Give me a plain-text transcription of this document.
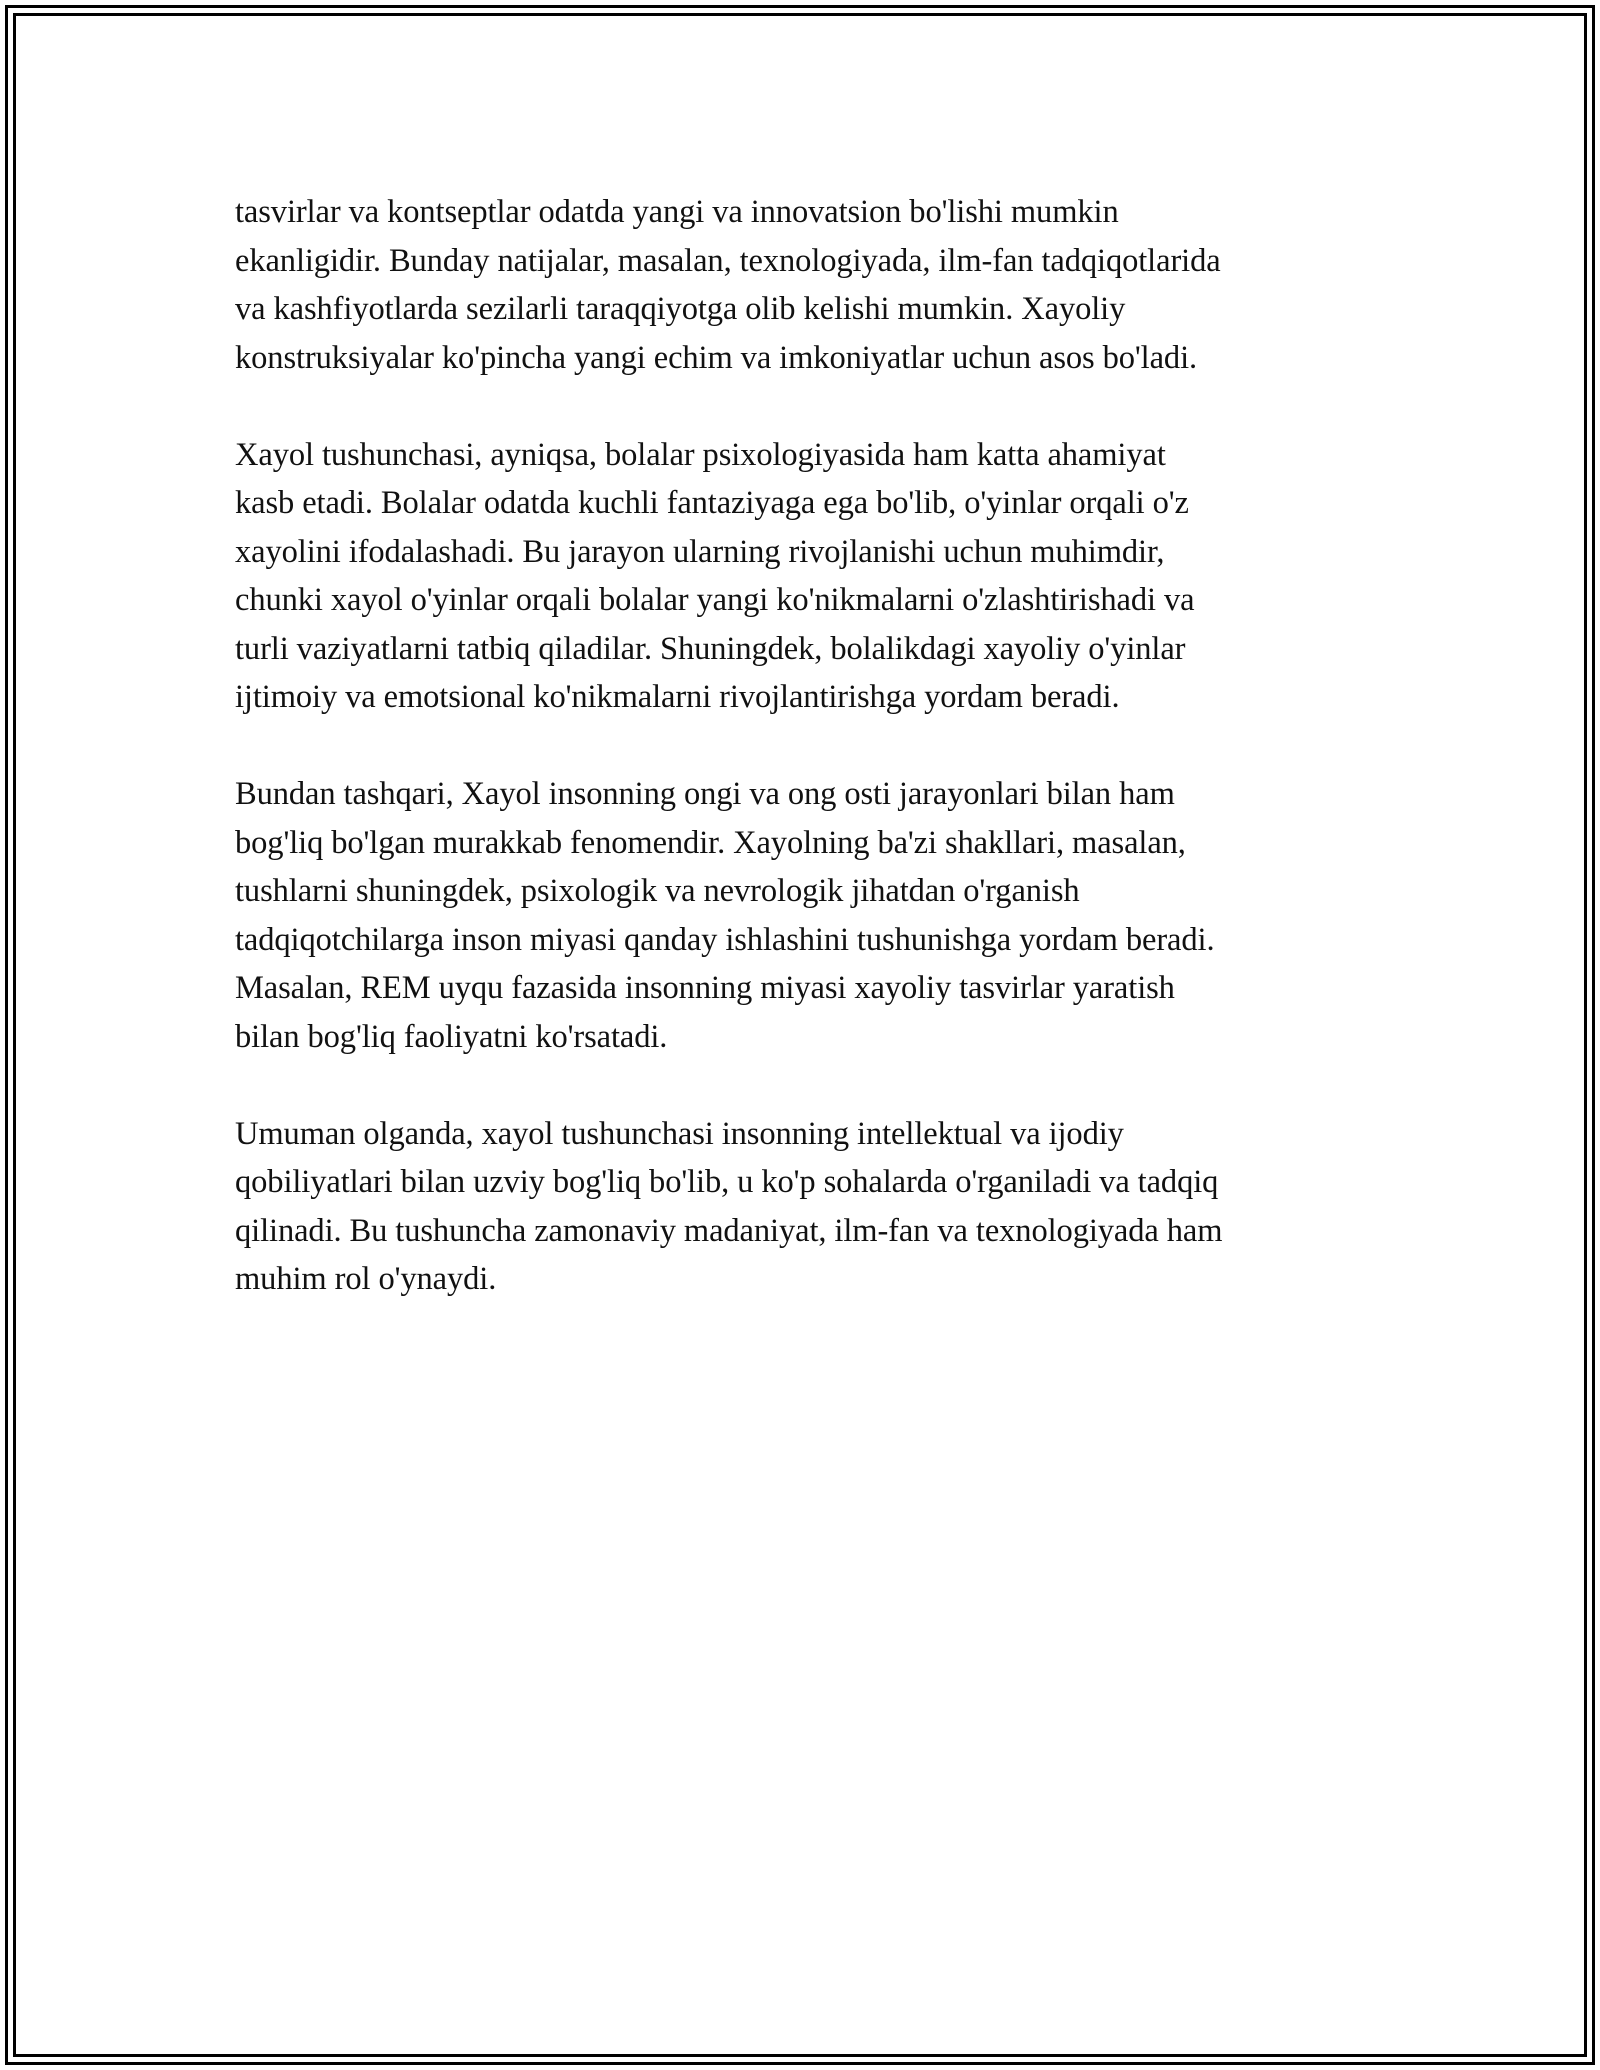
tasvirlar va kontseptlar odatda yangi va innovatsion bo'lishi mumkin
ekanligidir. Bunday natijalar, masalan, texnologiyada, ilm-fan tadqiqotlarida
va kashfiyotlarda sezilarli taraqqiyotga olib kelishi mumkin. Xayoliy
konstruksiyalar ko'pincha yangi echim va imkoniyatlar uchun asos bo'ladi.

Xayol tushunchasi, ayniqsa, bolalar psixologiyasida ham katta ahamiyat
kasb etadi. Bolalar odatda kuchli fantaziyaga ega bo'lib, o'yinlar orqali o'z
xayolini ifodalashadi. Bu jarayon ularning rivojlanishi uchun muhimdir,
chunki xayol o'yinlar orqali bolalar yangi ko'nikmalarni o'zlashtirishadi va
turli vaziyatlarni tatbiq qiladilar. Shuningdek, bolalikdagi xayoliy o'yinlar
ijtimoiy va emotsional ko'nikmalarni rivojlantirishga yordam beradi.

Bundan tashqari, Xayol insonning ongi va ong osti jarayonlari bilan ham
bog'liq bo'lgan murakkab fenomendir. Xayolning ba'zi shakllari, masalan,
tushlarni shuningdek, psixologik va nevrologik jihatdan o'rganish
tadqiqotchilarga inson miyasi qanday ishlashini tushunishga yordam beradi.
Masalan, REM uyqu fazasida insonning miyasi xayoliy tasvirlar yaratish
bilan bog'liq faoliyatni ko'rsatadi.

Umuman olganda, xayol tushunchasi insonning intellektual va ijodiy
qobiliyatlari bilan uzviy bog'liq bo'lib, u ko'p sohalarda o'rganiladi va tadqiq
qilinadi. Bu tushuncha zamonaviy madaniyat, ilm-fan va texnologiyada ham
muhim rol o'ynaydi.
